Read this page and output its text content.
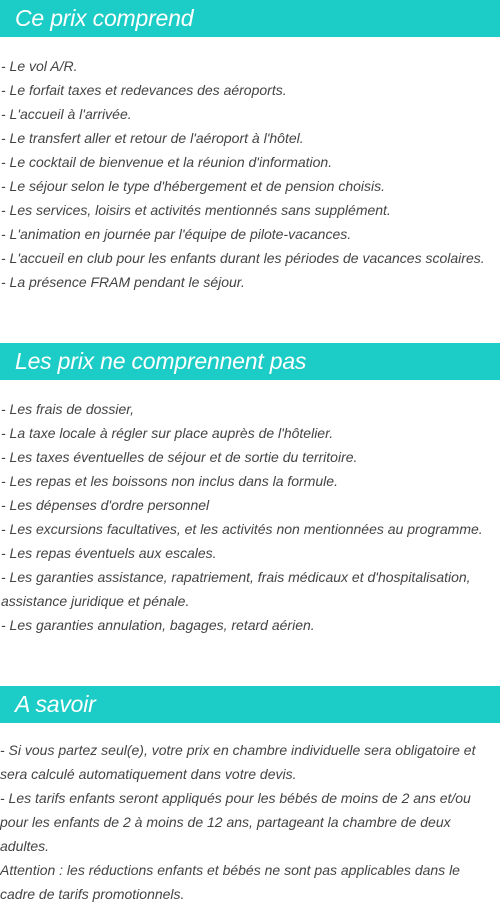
Ce prix comprend
- Le vol A/R.
- Le forfait taxes et redevances des aéroports.
- L'accueil à l'arrivée.
- Le transfert aller et retour de l'aéroport à l'hôtel.
- Le cocktail de bienvenue et la réunion d'information.
- Le séjour selon le type d'hébergement et de pension choisis.
- Les services, loisirs et activités mentionnés sans supplément.
- L'animation en journée par l'équipe de pilote-vacances.
- L'accueil en club pour les enfants durant les périodes de vacances scolaires.
- La présence FRAM pendant le séjour.
Les prix ne comprennent pas
- Les frais de dossier,
- La taxe locale à régler sur place auprès de l'hôtelier.
- Les taxes éventuelles de séjour et de sortie du territoire.
- Les repas et les boissons non inclus dans la formule.
- Les dépenses d'ordre personnel
- Les excursions facultatives, et les activités non mentionnées au programme.
- Les repas éventuels aux escales.
- Les garanties assistance, rapatriement, frais médicaux et d'hospitalisation, assistance juridique et pénale.
- Les garanties annulation, bagages, retard aérien.
A savoir
- Si vous partez seul(e), votre prix en chambre individuelle sera obligatoire et sera calculé automatiquement dans votre devis.
- Les tarifs enfants seront appliqués pour les bébés de moins de 2 ans et/ou pour les enfants de 2 à moins de 12 ans, partageant la chambre de deux adultes.
Attention : les réductions enfants et bébés ne sont pas applicables dans le cadre de tarifs promotionnels.
